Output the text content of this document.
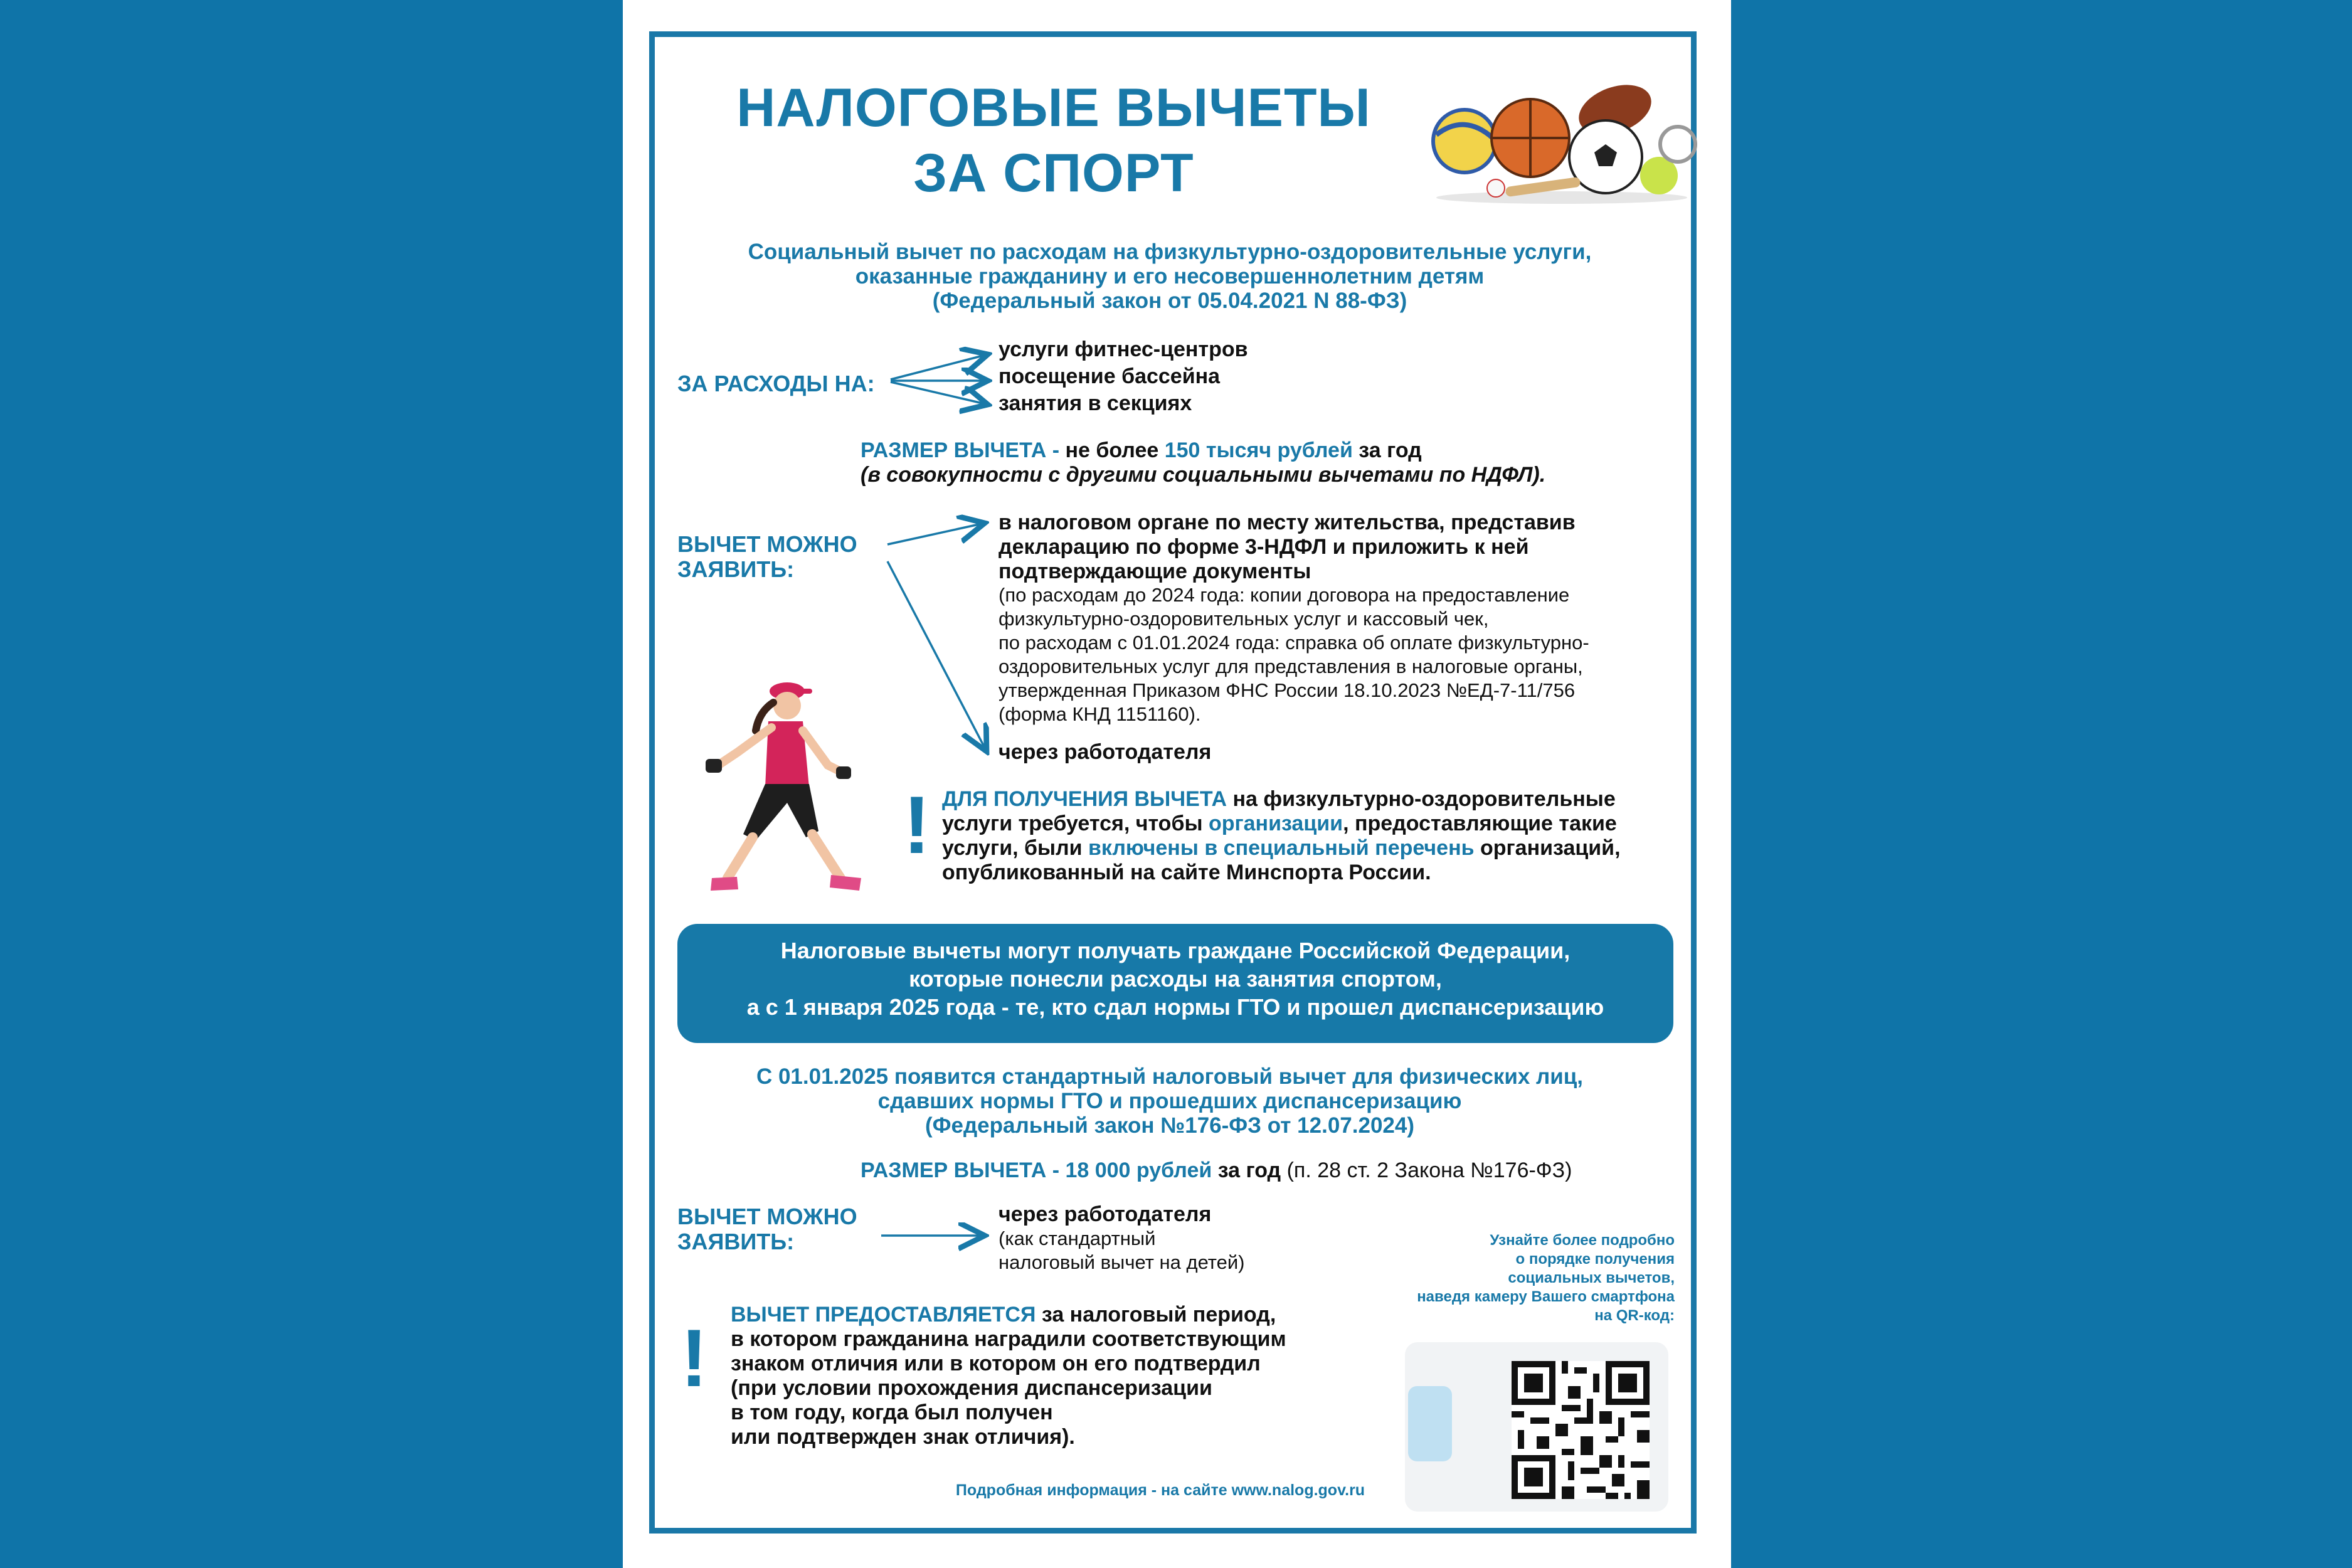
НАЛОГОВЫЕ ВЫЧЕТЫ
ЗА СПОРТ
Социальный вычет по расходам на физкультурно-оздоровительные услуги,
оказанные гражданину и его несовершеннолетним детям
(Федеральный закон от 05.04.2021 N 88-ФЗ)
ЗА РАСХОДЫ НА:
услуги фитнес-центров
посещение бассейна
занятия в секциях
РАЗМЕР ВЫЧЕТА - не более 150 тысяч рублей за год
(в совокупности с другими социальными вычетами по НДФЛ).
ВЫЧЕТ МОЖНО
ЗАЯВИТЬ:
в налоговом органе по месту жительства, представив
декларацию по форме 3-НДФЛ и приложить к ней
подтверждающие документы
(по расходам до 2024 года: копии договора на предоставление
физкультурно-оздоровительных услуг и кассовый чек,
по расходам с 01.01.2024 года: справка об оплате физкультурно-
оздоровительных услуг для представления в налоговые органы,
утвержденная Приказом ФНС России 18.10.2023 №ЕД-7-11/756
(форма КНД 1151160).
через работодателя
! ДЛЯ ПОЛУЧЕНИЯ ВЫЧЕТА на физкультурно-оздоровительные
услуги требуется, чтобы организации, предоставляющие такие
услуги, были включены в специальный перечень организаций,
опубликованный на сайте Минспорта России.
Налоговые вычеты могут получать граждане Российской Федерации,
которые понесли расходы на занятия спортом,
а с 1 января 2025 года - те, кто сдал нормы ГТО и прошел диспансеризацию
С 01.01.2025 появится стандартный налоговый вычет для физических лиц,
сдавших нормы ГТО и прошедших диспансеризацию
(Федеральный закон №176-ФЗ от 12.07.2024)
РАЗМЕР ВЫЧЕТА - 18 000 рублей за год (п. 28 ст. 2 Закона №176-ФЗ)
ВЫЧЕТ МОЖНО
ЗАЯВИТЬ:
через работодателя
(как стандартный
налоговый вычет на детей)
! ВЫЧЕТ ПРЕДОСТАВЛЯЕТСЯ за налоговый период,
в котором гражданина наградили соответствующим
знаком отличия или в котором он его подтвердил
(при условии прохождения диспансеризации
в том году, когда был получен
или подтвержден знак отличия).
Узнайте более подробно
о порядке получения
социальных вычетов,
наведя камеру Вашего смартфона
на QR-код:
Подробная информация - на сайте www.nalog.gov.ru
